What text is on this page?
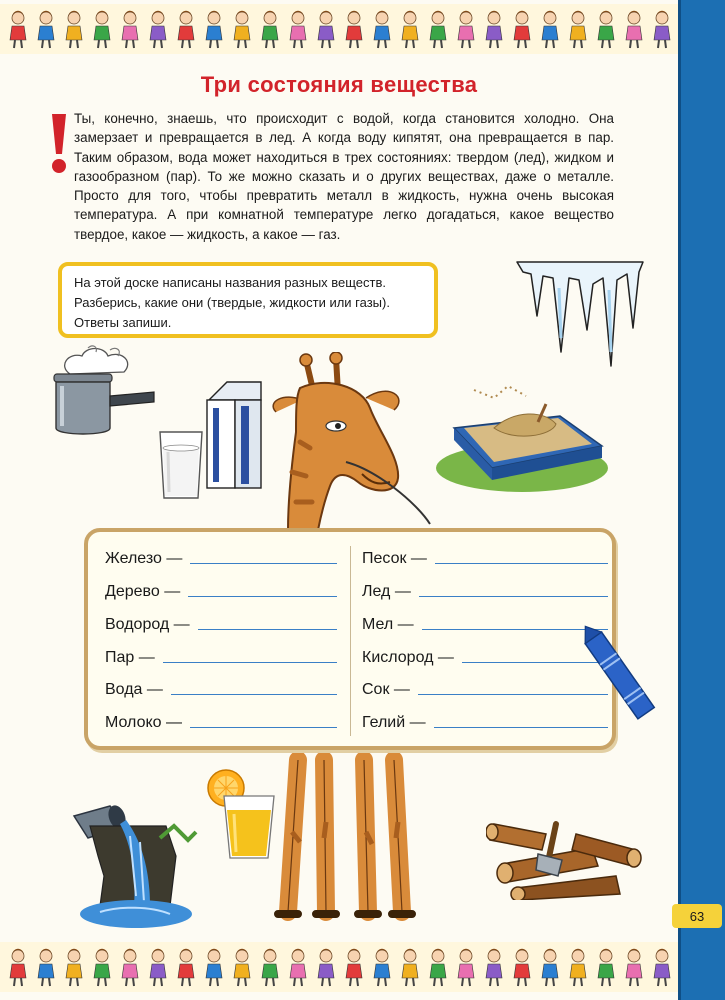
63
Три состояния вещества
Ты, конечно, знаешь, что происходит с водой, когда становится холодно. Она замерзает и превращается в лед. А когда воду кипятят, она превращается в пар. Таким образом, вода может находиться в трех состояниях: твердом (лед), жидком и газообразном (пар). То же можно сказать и о других веществах, даже о металле. Просто для того, чтобы превратить металл в жидкость, нужна очень высокая температура. А при комнатной температуре легко догадаться, какое вещество твердое, какое — жидкость, а какое — газ.
На этой доске написаны названия разных веществ. Разберись, какие они (твердые, жидкости или газы). Ответы запиши.
Железо —
Дерево —
Водород —
Пар —
Вода —
Молоко —
Песок —
Лед —
Мел —
Кислород —
Сок —
Гелий —
